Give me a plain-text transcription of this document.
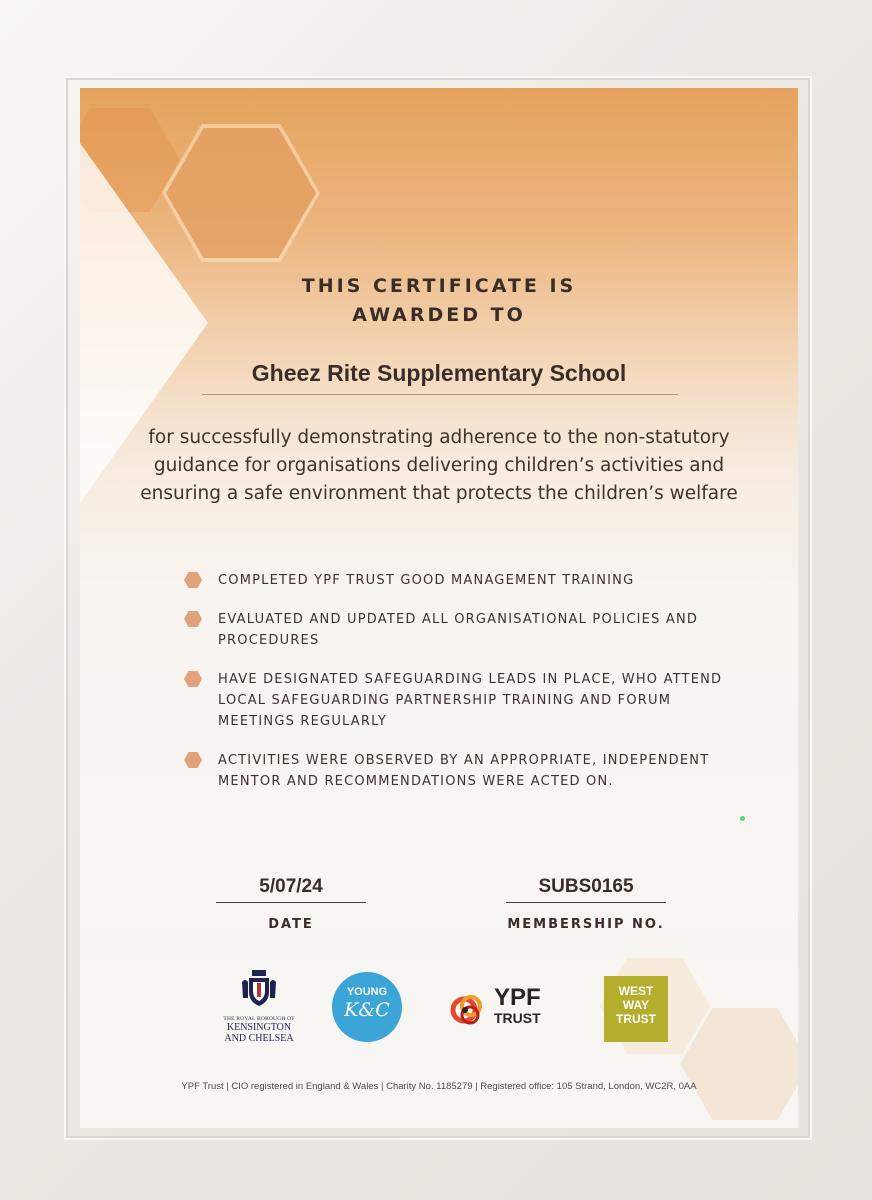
THIS CERTIFICATE IS
AWARDED TO
Gheez Rite Supplementary School
for successfully demonstrating adherence to the non-statutory guidance for organisations delivering children’s activities and ensuring a safe environment that protects the children’s welfare
COMPLETED YPF TRUST GOOD MANAGEMENT TRAINING
EVALUATED AND UPDATED ALL ORGANISATIONAL POLICIES AND PROCEDURES
HAVE DESIGNATED SAFEGUARDING LEADS IN PLACE, WHO ATTEND LOCAL SAFEGUARDING PARTNERSHIP TRAINING AND FORUM MEETINGS REGULARLY
ACTIVITIES WERE OBSERVED BY AN APPROPRIATE, INDEPENDENT MENTOR AND RECOMMENDATIONS WERE ACTED ON.
5/07/24
DATE
SUBS0165
MEMBERSHIP NO.
THE ROYAL BOROUGH OF
KENSINGTON
AND CHELSEA
YOUNG
K&C	YPF
TRUST
WEST
WAY
TRUST
YPF Trust | CIO registered in England & Wales | Charity No. 1185279 | Registered office: 105 Strand, London, WC2R, 0AA
